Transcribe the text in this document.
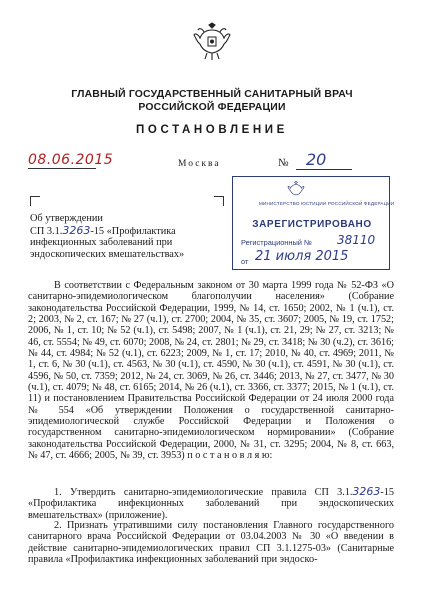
ГЛАВНЫЙ ГОСУДАРСТВЕННЫЙ САНИТАРНЫЙ ВРАЧ
РОССИЙСКОЙ ФЕДЕРАЦИИ
ПОСТАНОВЛЕНИЕ
08.06.2015	Москва	№ 20
Об утверждении
СП 3.1.3263-15 «Профилактика
инфекционных заболеваний при
эндоскопических вмешательствах»
МИНИСТЕРСТВО ЮСТИЦИИ РОССИЙСКОЙ ФЕДЕРАЦИИ
ЗАРЕГИСТРИРОВАНО
Регистрационный № 38110
от 21 июля 2015
В соответствии с Федеральным законом от 30 марта 1999 года № 52-ФЗ «О санитарно-эпидемиологическом благополучии населения» (Собрание законодательства Российской Федерации, 1999, № 14, ст. 1650; 2002, № 1 (ч.1), ст. 2; 2003, № 2, ст. 167; № 27 (ч.1), ст. 2700; 2004, № 35, ст. 3607; 2005, № 19, ст. 1752; 2006, № 1, ст. 10; № 52 (ч.1), ст. 5498; 2007, № 1 (ч.1), ст. 21, 29; № 27, ст. 3213; № 46, ст. 5554; № 49, ст. 6070; 2008, № 24, ст. 2801; № 29, ст. 3418; № 30 (ч.2), ст. 3616; № 44, ст. 4984; № 52 (ч.1), ст. 6223; 2009, № 1, ст. 17; 2010, № 40, ст. 4969; 2011, № 1, ст. 6, № 30 (ч.1), ст. 4563, № 30 (ч.1), ст. 4590, № 30 (ч.1), ст. 4591, № 30 (ч.1), ст. 4596, № 50, ст. 7359; 2012, № 24, ст. 3069, № 26, ст. 3446; 2013, № 27, ст. 3477, № 30 (ч.1), ст. 4079; № 48, ст. 6165; 2014, № 26 (ч.1), ст. 3366, ст. 3377; 2015, № 1 (ч.1), ст. 11) и постановлением Правительства Российской Федерации от 24 июля 2000 года № 554 «Об утверждении Положения о государственной санитарно-эпидемиологической службе Российской Федерации и Положения о государственном санитарно-эпидемиологическом нормировании» (Собрание законодательства Российской Федерации, 2000, № 31, ст. 3295; 2004, № 8, ст. 663, № 47, ст. 4666; 2005, № 39, ст. 3953) п о с т а н о в л я ю:
1. Утвердить санитарно-эпидемиологические правила СП 3.1.3263-15 «Профилактика инфекционных заболеваний при эндоскопических вмешательствах» (приложение).
2. Признать утратившими силу постановления Главного государственного санитарного врача Российской Федерации от 03.04.2003 № 30 «О введении в действие санитарно-эпидемиологических правил СП 3.1.1275-03» (Санитарные правила «Профилактика инфекционных заболеваний при эндоско-
